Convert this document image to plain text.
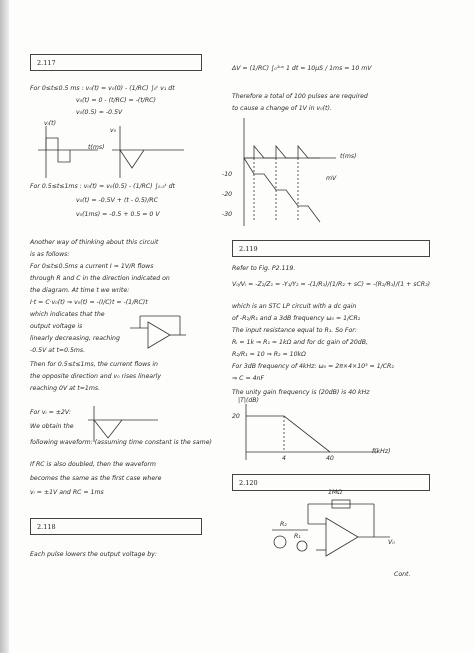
2.117
For 0≤t≤0.5 ms : v₀(t) = v₀(0) - (1/RC) ∫₀ᵗ v₁ dt
v₀(t) = 0 - (t/RC) = -(t/RC)
v₀(0.5) = -0.5V
vᵢ(t)
t(ms)
v₀
For 0.5≤t≤1ms : v₀(t) = v₀(0.5) - (1/RC) ∫₀.₅ᵗ dt
v₀(t) = -0.5V + (t - 0.5)/RC
v₀(1ms) = -0.5 + 0.5 = 0 V
Another way of thinking about this circuit
is as follows:
For 0≤t≤0.5ms a current I = 1V/R flows
through R and C in the direction indicated on
the diagram. At time t we write:
I·t = C·v₀(t) ⇒ v₀(t) = -(I/C)t = -(1/RC)t
which indicates that the
output voltage is
linearly decreasing, reaching
-0.5V at t=0.5ms.
Then for 0.5≤t≤1ms, the current flows in
the opposite direction and v₀ rises linearly
reaching 0V at t=1ms.
For vᵢ = ±2V:
We obtain the
following waveform: (assuming time constant is the same)
If RC is also doubled, then the waveform
becomes the same as the first case where
vᵢ = ±1V and RC = 1ms
2.118
Each pulse lowers the output voltage by:
ΔV = (1/RC) ∫₀¹ᵘˢ 1 dt = 10μS / 1ms = 10 mV
Therefore a total of 100 pulses are required
to cause a change of 1V in v₀(t).
t(ms)
mV
-10
-20
-30
2.119
Refer to Fig. P2.119.
V₀/Vᵢ = -Z₂/Z₁ = -Y₁/Y₂ = -(1/R₁)/(1/R₂ + sC) = -(R₂/R₁)/(1 + sCR₂)
which is an STC LP circuit with a dc gain
of -R₂/R₁ and a 3dB frequency ω₀ = 1/CR₂
The input resistance equal to R₁. So For:
Rᵢ = 1k ⇒ R₁ = 1kΩ and for dc gain of 20dB,
R₂/R₁ = 10 ⇒ R₂ = 10kΩ
For 3dB frequency of 4kHz: ω₀ = 2π×4×10³ = 1/CR₂
⇒ C = 4nF
The unity gain frequency is (20dB) is 40 kHz
|T|(dB)
20
f(kHz)
4	40
2.120
1MΩ
R₂
R₁
V₀
Cont.
